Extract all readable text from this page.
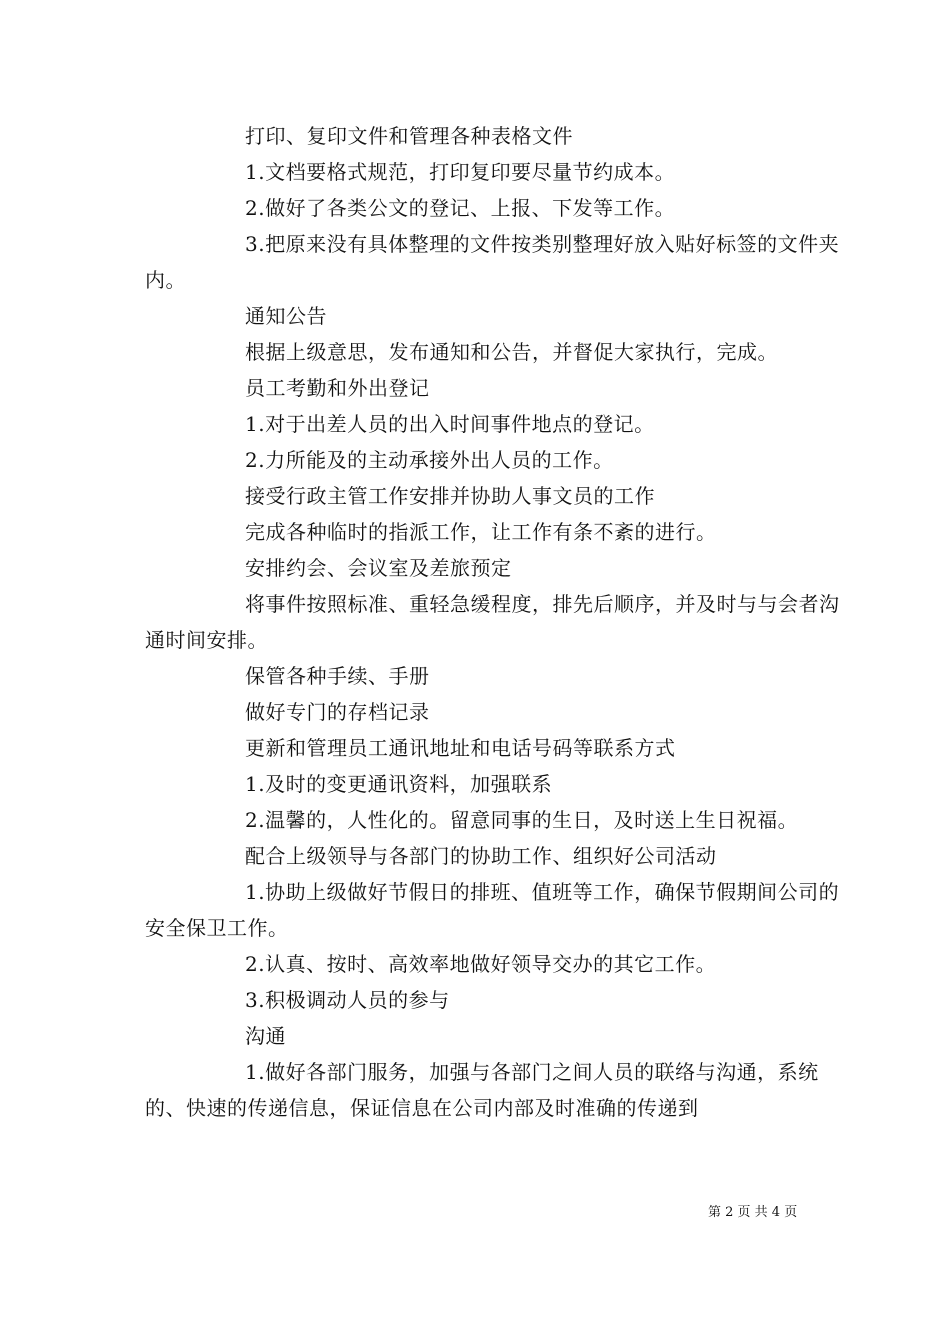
打印、复印文件和管理各种表格文件

1.文档要格式规范，打印复印要尽量节约成本。

2.做好了各类公文的登记、上报、下发等工作。

3.把原来没有具体整理的文件按类别整理好放入贴好标签的文件夹内。

通知公告

根据上级意思，发布通知和公告，并督促大家执行，完成。

员工考勤和外出登记

1.对于出差人员的出入时间事件地点的登记。

2.力所能及的主动承接外出人员的工作。

接受行政主管工作安排并协助人事文员的工作

完成各种临时的指派工作，让工作有条不紊的进行。

安排约会、会议室及差旅预定

将事件按照标准、重轻急缓程度，排先后顺序，并及时与与会者沟通时间安排。

保管各种手续、手册

做好专门的存档记录

更新和管理员工通讯地址和电话号码等联系方式

1.及时的变更通讯资料，加强联系

2.温馨的，人性化的。留意同事的生日，及时送上生日祝福。

配合上级领导与各部门的协助工作、组织好公司活动

1.协助上级做好节假日的排班、值班等工作，确保节假期间公司的安全保卫工作。

2.认真、按时、高效率地做好领导交办的其它工作。

3.积极调动人员的参与

沟通

1.做好各部门服务，加强与各部门之间人员的联络与沟通，系统的、快速的传递信息，保证信息在公司内部及时准确的传递到

第 2 页 共 4 页
